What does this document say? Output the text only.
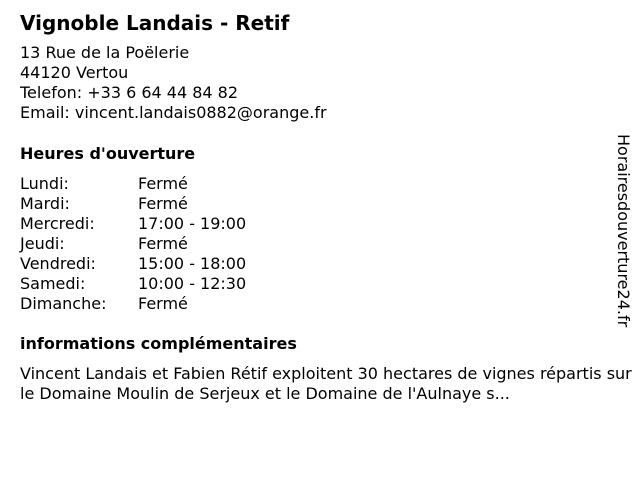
Vignoble Landais - Retif
13 Rue de la Poëlerie
44120 Vertou
Telefon: +33 6 64 44 84 82
Email: vincent.landais0882@orange.fr
Heures d'ouverture
Lundi:	Fermé
Mardi:	Fermé
Mercredi:	17:00 - 19:00
Jeudi:	Fermé
Vendredi:	15:00 - 18:00
Samedi:	10:00 - 12:30
Dimanche:	Fermé
informations complémentaires
Vincent Landais et Fabien Rétif exploitent 30 hectares de vignes répartis sur le Domaine Moulin de Serjeux et le Domaine de l'Aulnaye s...
Horairesdouverture24.fr
